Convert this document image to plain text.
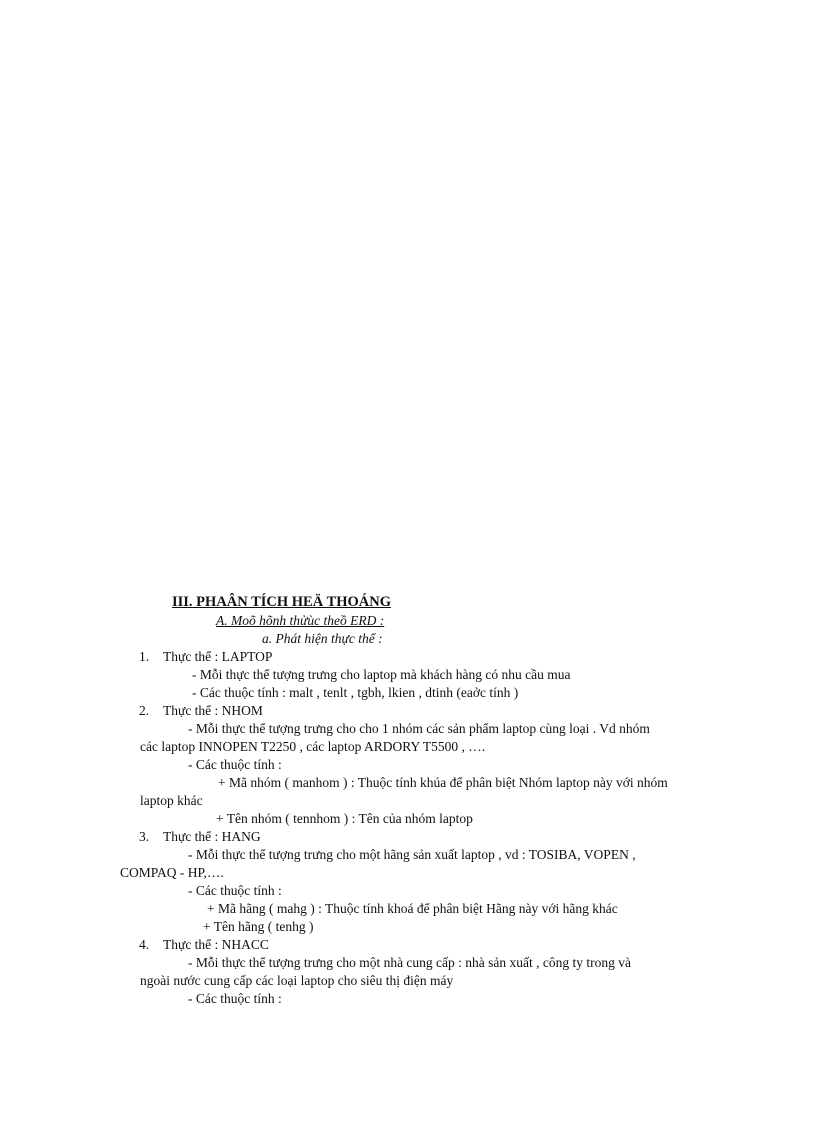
III. PHAÂN TÍCH HEÄ THOÁNG
A. Moõ hõnh thửùc theồ ERD :
a. Phát hiện thực thể :
1. Thực thể : LAPTOP
- Mỗi thực thể tượng trưng cho laptop mà khách hàng có nhu cầu mua
- Các thuộc tính : malt , tenlt , tgbh, lkien , dtinh (eaởc tính )
2. Thực thể : NHOM
- Mỗi thực thể tượng trưng cho cho 1 nhóm các sản phẩm laptop cùng loại . Vd nhóm
các laptop INNOPEN T2250 , các laptop ARDORY T5500 , ….
- Các thuộc tính :
+ Mã nhóm ( manhom ) : Thuộc tính khúa để phân biệt Nhóm laptop này với nhóm
laptop khác
+ Tên nhóm ( tennhom ) : Tên của nhóm laptop
3. Thực thể : HANG
- Mỗi thực thể tượng trưng cho một hãng sản xuất laptop , vd : TOSIBA, VOPEN ,
COMPAQ - HP,….
- Các thuộc tính :
+ Mã hãng ( mahg ) : Thuộc tính khoá để phân biệt Hãng này với hãng khác
+ Tên hãng ( tenhg )
4. Thực thể : NHACC
- Mỗi thực thể tượng trưng cho một nhà cung cấp : nhà sản xuất , công ty trong và
ngoài nước cung cấp các loại laptop cho siêu thị điện máy
- Các thuộc tính :
